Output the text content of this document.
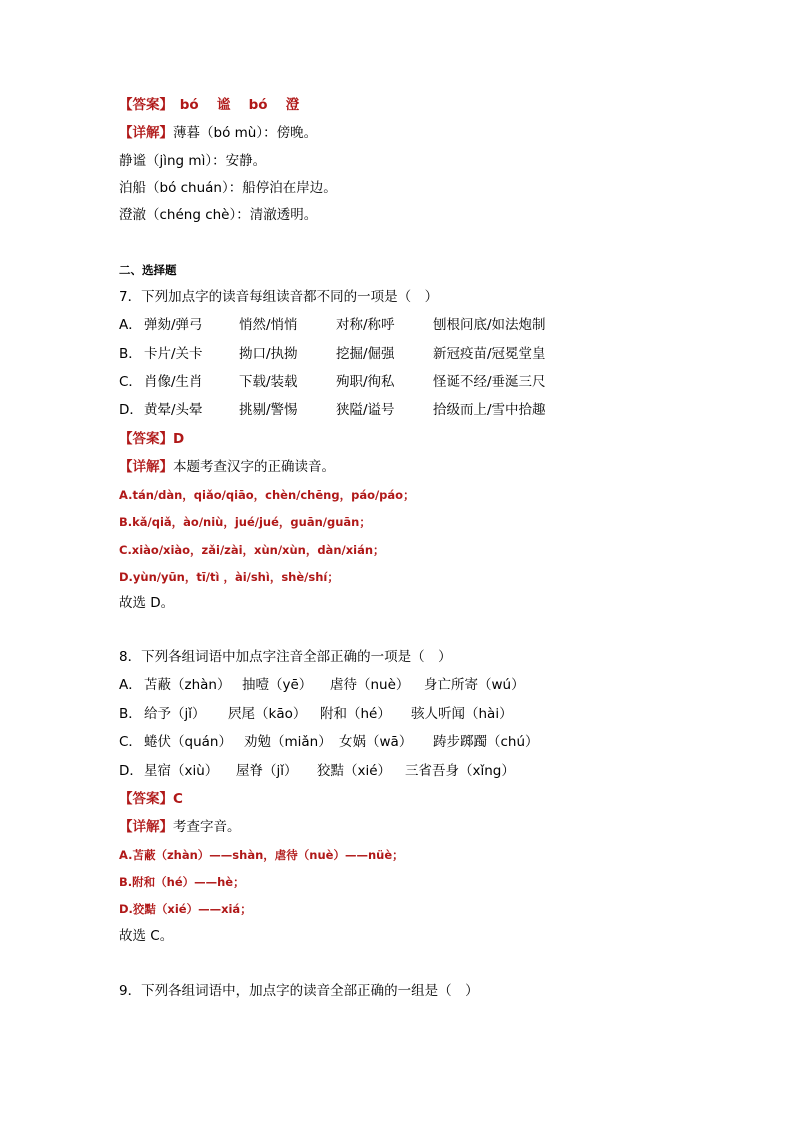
【答案】　 bó　 谧　 bó　 澄
【详解】薄暮（bó mù）：傍晚。
静谧（jìng mì）：安静。
泊船（bó chuán）：船停泊在岸边。
澄澈（chéng chè）：清澈透明。
二、选择题
7．下列加点字的读音每组读音都不同的一项是（　）
A． 弹劾/弹弓	悄然/悄悄	对称/称呼	刨根问底/如法炮制
B． 卡片/关卡	拗口/执拗	挖掘/倔强	新冠疫苗/冠冕堂皇
C． 肖像/生肖	下载/装载	殉职/徇私	怪诞不经/垂涎三尺
D． 黄晕/头晕	挑剔/警惕	狭隘/谥号	拾级而上/雪中拾趣
【答案】D
【详解】本题考查汉字的正确读音。
A.tán/dàn，qiǎo/qiāo，chèn/chēng，páo/páo；
B.kǎ/qiǎ，ào/niù，jué/jué，guān/guān；
C.xiào/xiào，zǎi/zài，xùn/xùn，dàn/xián；
D.yùn/yūn，tī/tì ，ài/shì，shè/shí；
故选 D。
8．下列各组词语中加点字注音全部正确的一项是（　）
A． 苫蔽（zhàn） 抽噎（yē） 虐待（nuè） 身亡所寄（wú）
B． 给予（jǐ） 屄尾（kāo） 附和（hé） 骇人听闻（hài）
C． 蜷伏（quán） 劝勉（miǎn） 女娲（wā） 踌步踯躅（chú）
D． 星宿（xiù） 屋脊（jǐ） 狡黠（xié） 三省吾身（xǐng）
【答案】C
【详解】考查字音。
A.苫蔽（zhàn）——shàn，虐待（nuè）——nüè；
B.附和（hé）——hè；
D.狡黠（xié）——xiá；
故选 C。
9．下列各组词语中，加点字的读音全部正确的一组是（　）
